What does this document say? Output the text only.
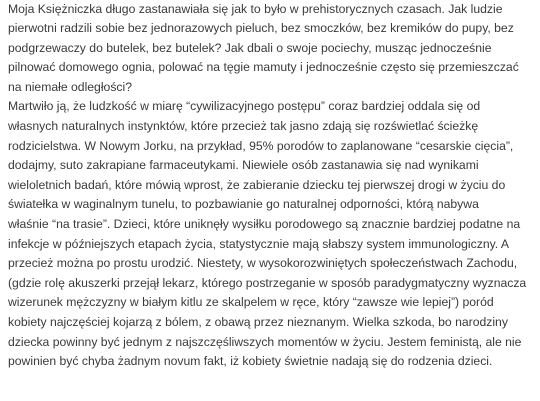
Moja Księżniczka długo zastanawiała się jak to było w prehistorycznych czasach. Jak ludzie
pierwotni radzili sobie bez jednorazowych pieluch, bez smoczków, bez kremików do pupy, bez
podgrzewaczy do butelek, bez butelek? Jak dbali o swoje pociechy, musząc jednocześnie
pilnować domowego ognia, polować na tęgie mamuty i jednocześnie często się przemieszczać
na niemałe odległości?

Martwiło ją, że ludzkość w miarę “cywilizacyjnego postępu” coraz bardziej oddala się od
własnych naturalnych instynktów, które przecież tak jasno zdają się rozświetlać ścieżkę
rodzicielstwa. W Nowym Jorku, na przykład, 95% porodów to zaplanowane “cesarskie cięcia”,
dodajmy, suto zakrapiane farmaceutykami. Niewiele osób zastanawia się nad wynikami
wieloletnich badań, które mówią wprost, że zabieranie dziecku tej pierwszej drogi w życiu do
światełka w waginalnym tunelu, to pozbawianie go naturalnej odporności, którą nabywa
właśnie “na trasie”. Dzieci, które uniknęły wysiłku porodowego są znacznie bardziej podatne na
infekcje w późniejszych etapach życia, statystycznie mają słabszy system immunologiczny. A
przecież można po prostu urodzić. Niestety, w wysokorozwiniętych społeczeństwach Zachodu,
(gdzie rolę akuszerki przejął lekarz, którego postrzeganie w sposób paradygmatyczny wyznacza
wizerunek mężczyzny w białym kitlu ze skalpelem w ręce, który “zawsze wie lepiej”) poród
kobiety najczęściej kojarzą z bólem, z obawą przez nieznanym. Wielka szkoda, bo narodziny
dziecka powinny być jednym z najszczęśliwszych momentów w życiu. Jestem feministą, ale nie
powinien być chyba żadnym novum fakt, iż kobiety świetnie nadają się do rodzenia dzieci.
